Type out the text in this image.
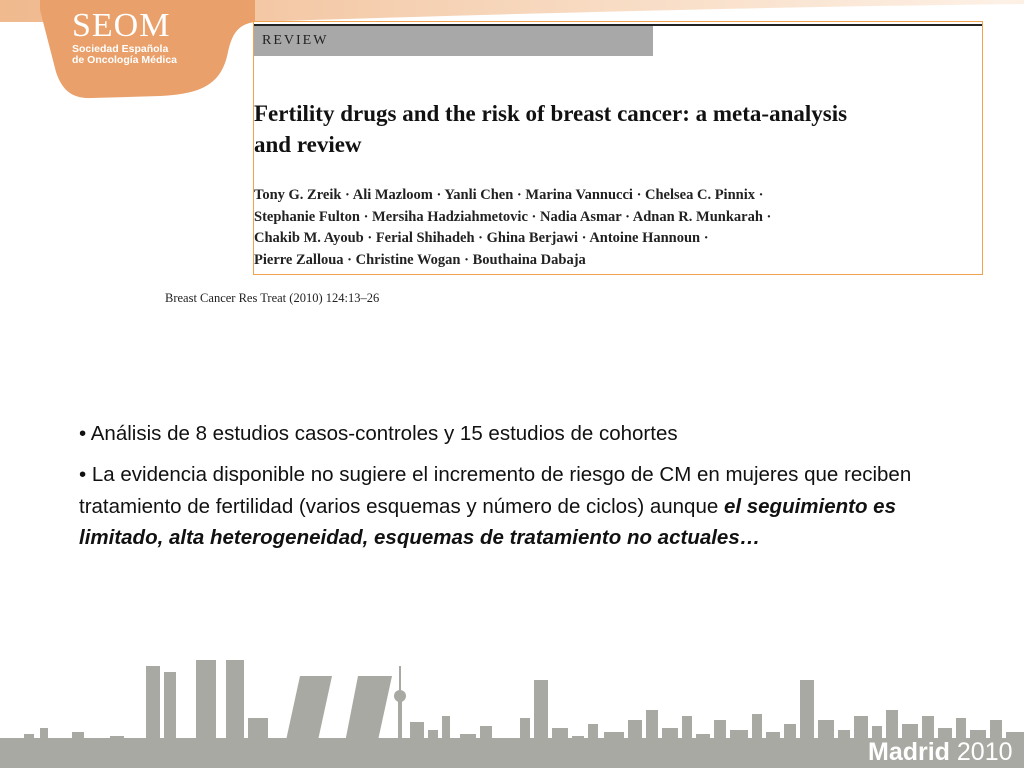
SEOM
Sociedad Española
de Oncología Médica
REVIEW
Fertility drugs and the risk of breast cancer: a meta-analysis
and review
Tony G. Zreik · Ali Mazloom · Yanli Chen · Marina Vannucci · Chelsea C. Pinnix ·
Stephanie Fulton · Mersiha Hadziahmetovic · Nadia Asmar · Adnan R. Munkarah ·
Chakib M. Ayoub · Ferial Shihadeh · Ghina Berjawi · Antoine Hannoun ·
Pierre Zalloua · Christine Wogan · Bouthaina Dabaja
Breast Cancer Res Treat (2010) 124:13–26
• Análisis de 8 estudios casos-controles y 15 estudios de cohortes
• La evidencia disponible no sugiere el incremento de riesgo de CM en mujeres que reciben tratamiento de fertilidad (varios esquemas y número de ciclos) aunque el seguimiento es limitado, alta heterogeneidad, esquemas de tratamiento no actuales…
Madrid 2010
